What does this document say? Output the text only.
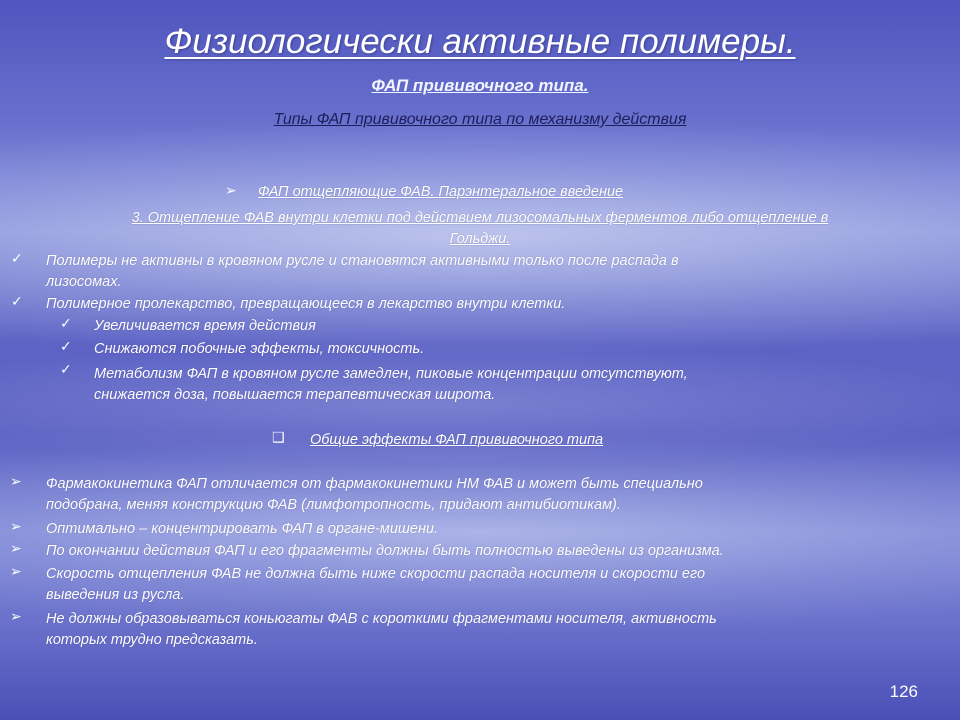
Физиологически активные полимеры.
ФАП прививочного типа.
Типы ФАП прививочного типа по механизму действия
➢ ФАП отщепляющие ФАВ. Парэнтеральное введение
3. Отщепление ФАВ внутри клетки под действием лизосомальных ферментов либо отщепление в
Гольджи.
✓ Полимеры не активны в кровяном русле и становятся активными только после распада в
лизосомах.
✓ Полимерное пролекарство, превращающееся в лекарство внутри клетки.
✓ Увеличивается время действия
✓ Снижаются побочные эффекты, токсичность.
✓ Метаболизм ФАП в кровяном русле замедлен, пиковые концентрации отсутствуют,
снижается доза, повышается терапевтическая широта.
❑ Общие эффекты ФАП прививочного типа
➢ Фармакокинетика ФАП отличается от фармакокинетики НМ ФАВ и может быть специально
подобрана, меняя конструкцию ФАВ (лимфотропность, придают антибиотикам).
➢ Оптимально – концентрировать ФАП в органе-мишени.
➢ По окончании действия ФАП и его фрагменты должны быть полностью выведены из организма.
➢ Скорость отщепления ФАВ не должна быть ниже скорости распада носителя и скорости его
выведения из русла.
➢ Не должны образовываться коньюгаты ФАВ с короткими фрагментами носителя, активность
которых трудно предсказать.
126
